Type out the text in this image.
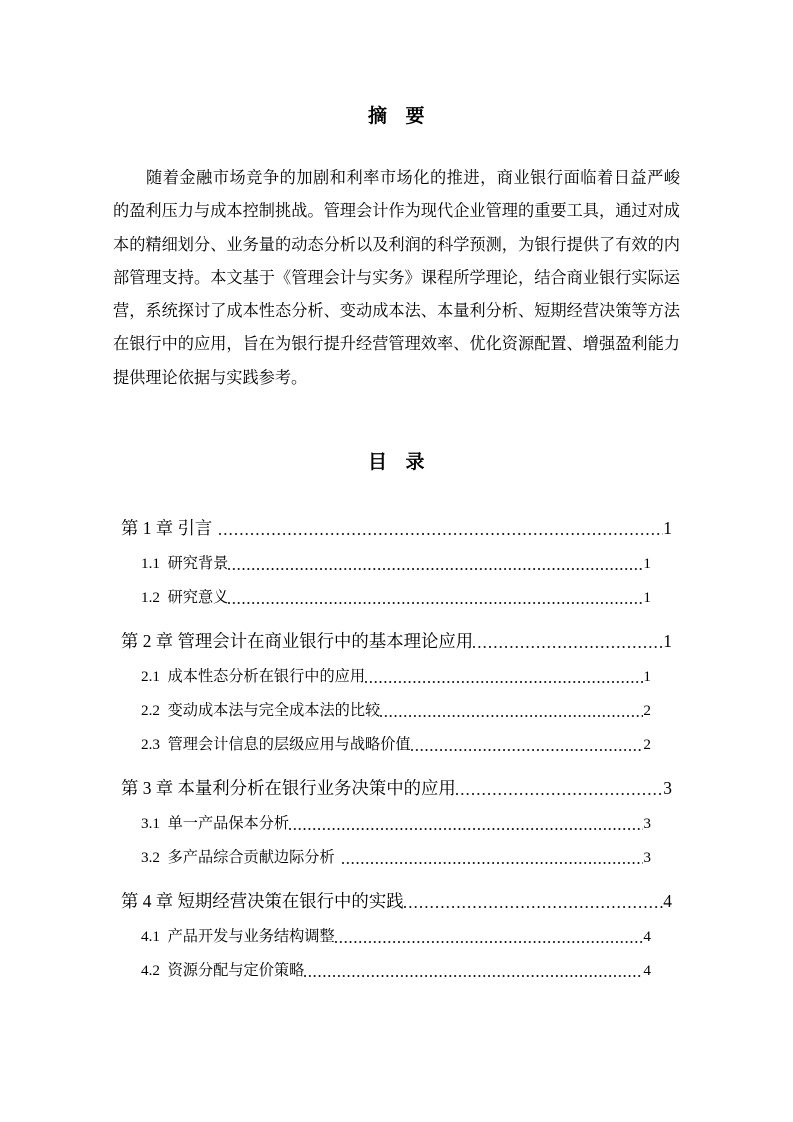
摘 要

随着金融市场竞争的加剧和利率市场化的推进，商业银行面临着日益严峻的盈利压力与成本控制挑战。管理会计作为现代企业管理的重要工具，通过对成本的精细划分、业务量的动态分析以及利润的科学预测，为银行提供了有效的内部管理支持。本文基于《管理会计与实务》课程所学理论，结合商业银行实际运营，系统探讨了成本性态分析、变动成本法、本量利分析、短期经营决策等方法在银行中的应用，旨在为银行提升经营管理效率、优化资源配置、增强盈利能力提供理论依据与实践参考。

目 录
第 1 章 引言	1
1.1 研究背景	1
1.2 研究意义	1
第 2 章 管理会计在商业银行中的基本理论应用	1
2.1 成本性态分析在银行中的应用	1
2.2 变动成本法与完全成本法的比较	2
2.3 管理会计信息的层级应用与战略价值	2
第 3 章 本量利分析在银行业务决策中的应用	3
3.1 单一产品保本分析	3
3.2 多产品综合贡献边际分析	3
第 4 章 短期经营决策在银行中的实践	4
4.1 产品开发与业务结构调整	4
4.2 资源分配与定价策略	4
